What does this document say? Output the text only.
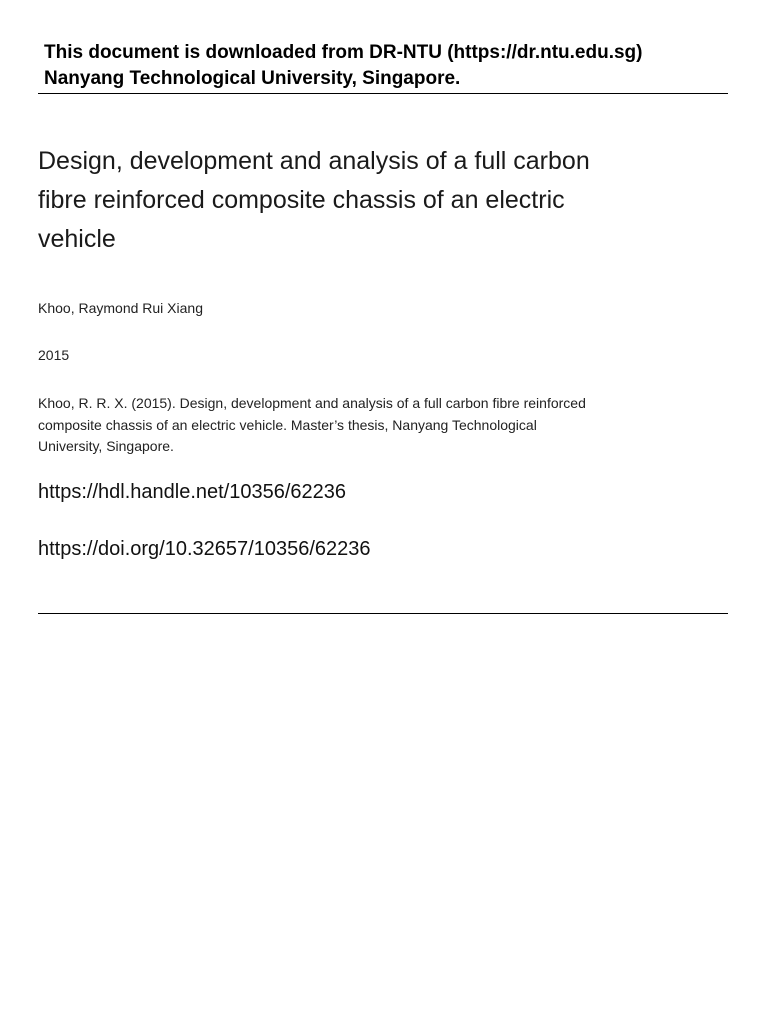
This document is downloaded from DR‑NTU (https://dr.ntu.edu.sg)
Nanyang Technological University, Singapore.
Design, development and analysis of a full carbon
fibre reinforced composite chassis of an electric
vehicle
Khoo, Raymond Rui Xiang
2015
Khoo, R. R. X. (2015). Design, development and analysis of a full carbon fibre reinforced
composite chassis of an electric vehicle. Master’s thesis, Nanyang Technological
University, Singapore.
https://hdl.handle.net/10356/62236
https://doi.org/10.32657/10356/62236
